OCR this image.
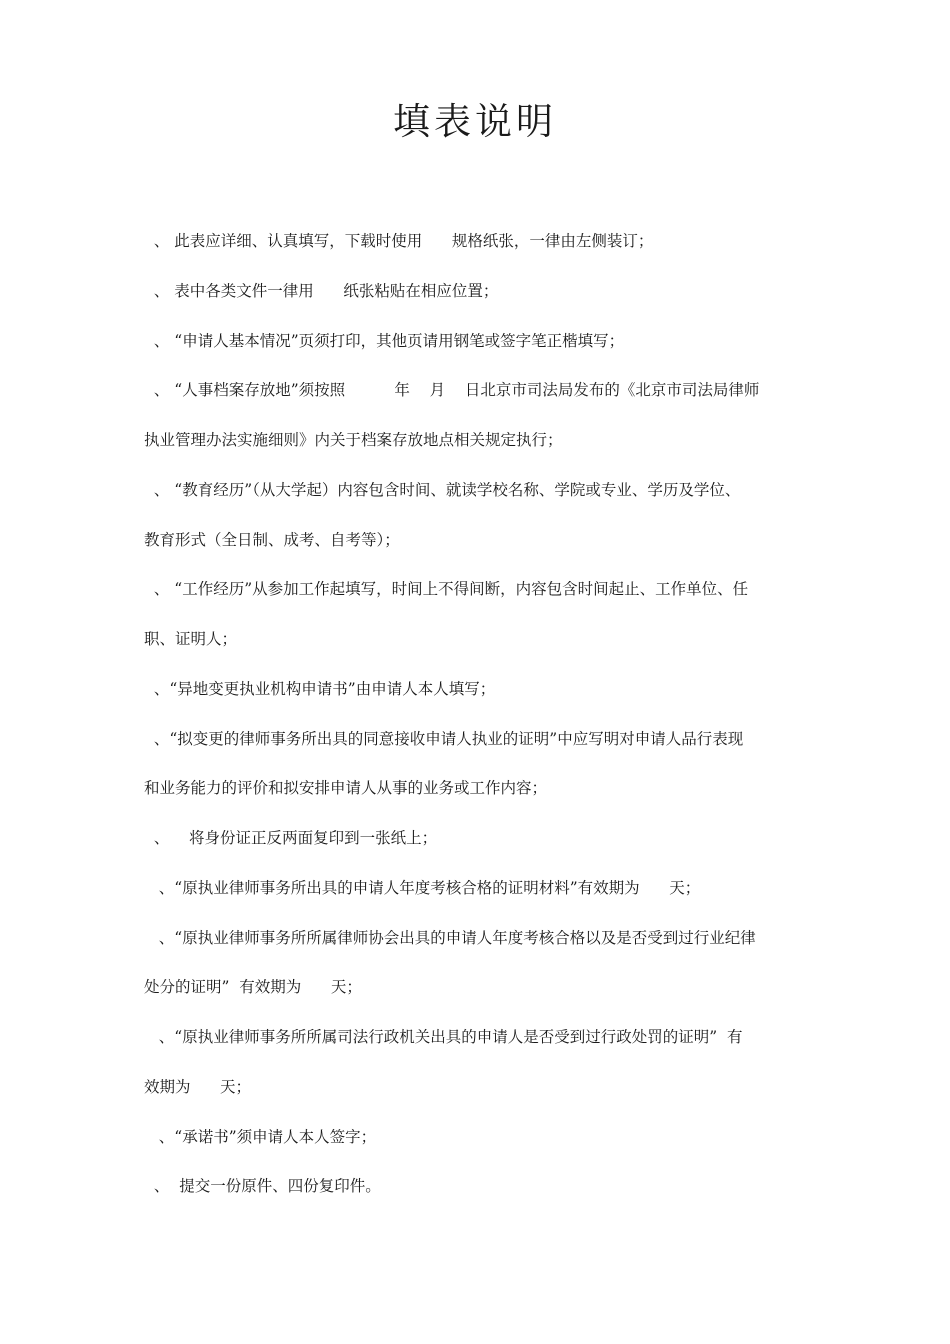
填表说明
、 此表应详细、认真填写，下载时使用      规格纸张，一律由左侧装订；
、 表中各类文件一律用      纸张粘贴在相应位置；
、 “申请人基本情况”页须打印，其他页请用钢笔或签字笔正楷填写；
、 “人事档案存放地”须按照          年    月    日北京市司法局发布的《北京市司法局律师
执业管理办法实施细则》内关于档案存放地点相关规定执行；
、 “教育经历”（从大学起）内容包含时间、就读学校名称、学院或专业、学历及学位、
教育形式（全日制、成考、自考等）；
、 “工作经历”从参加工作起填写，时间上不得间断，内容包含时间起止、工作单位、任
职、证明人；
、“异地变更执业机构申请书”由申请人本人填写；
、“拟变更的律师事务所出具的同意接收申请人执业的证明”中应写明对申请人品行表现
和业务能力的评价和拟安排申请人从事的业务或工作内容；
、    将身份证正反两面复印到一张纸上；
、“原执业律师事务所出具的申请人年度考核合格的证明材料”有效期为      天；
、“原执业律师事务所所属律师协会出具的申请人年度考核合格以及是否受到过行业纪律
处分的证明”  有效期为      天；
、“原执业律师事务所所属司法行政机关出具的申请人是否受到过行政处罚的证明”  有
效期为      天；
、“承诺书”须申请人本人签字；
、  提交一份原件、四份复印件。
